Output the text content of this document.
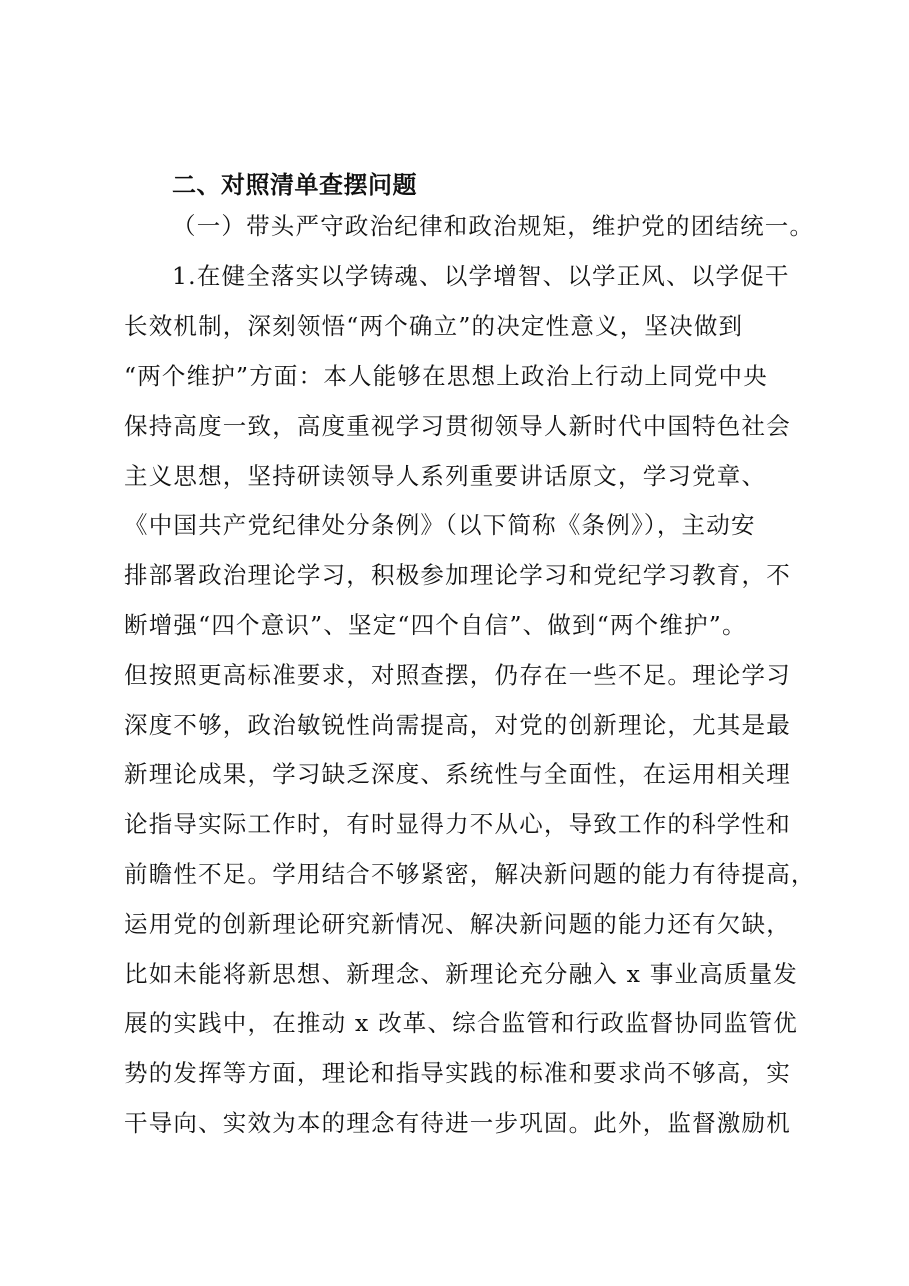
二、对照清单查摆问题
（一）带头严守政治纪律和政治规矩，维护党的团结统一。
1.在健全落实以学铸魂、以学增智、以学正风、以学促干
长效机制，深刻领悟“两个确立”的决定性意义，坚决做到
“两个维护”方面：本人能够在思想上政治上行动上同党中央
保持高度一致，高度重视学习贯彻领导人新时代中国特色社会
主义思想，坚持研读领导人系列重要讲话原文，学习党章、
《中国共产党纪律处分条例》（以下简称《条例》），主动安
排部署政治理论学习，积极参加理论学习和党纪学习教育，不
断增强“四个意识”、坚定“四个自信”、做到“两个维护”。
但按照更高标准要求，对照查摆，仍存在一些不足。理论学习
深度不够，政治敏锐性尚需提高，对党的创新理论，尤其是最
新理论成果，学习缺乏深度、系统性与全面性，在运用相关理
论指导实际工作时，有时显得力不从心，导致工作的科学性和
前瞻性不足。学用结合不够紧密，解决新问题的能力有待提高，
运用党的创新理论研究新情况、解决新问题的能力还有欠缺，
比如未能将新思想、新理念、新理论充分融入 x 事业高质量发
展的实践中，在推动 x 改革、综合监管和行政监督协同监管优
势的发挥等方面，理论和指导实践的标准和要求尚不够高，实
干导向、实效为本的理念有待进一步巩固。此外，监督激励机
